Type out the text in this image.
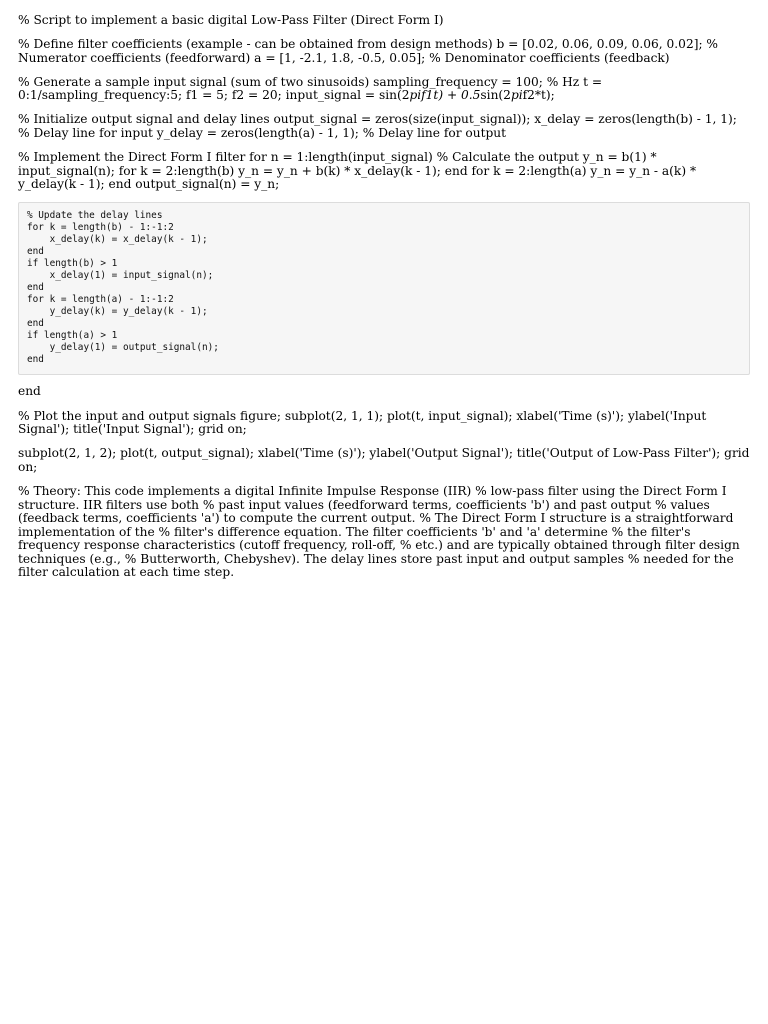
% Script to implement a basic digital Low-Pass Filter (Direct Form I)

% Define filter coefficients (example - can be obtained from design methods) b = [0.02, 0.06, 0.09, 0.06, 0.02]; % Numerator coefficients (feedforward) a = [1, -2.1, 1.8, -0.5, 0.05]; % Denominator coefficients (feedback)

% Generate a sample input signal (sum of two sinusoids) sampling_frequency = 100; % Hz t = 0:1/sampling_frequency:5; f1 = 5; f2 = 20; input_signal = sin(2pif1t) + 0.5sin(2pif2*t);

% Initialize output signal and delay lines output_signal = zeros(size(input_signal)); x_delay = zeros(length(b) - 1, 1); % Delay line for input y_delay = zeros(length(a) - 1, 1); % Delay line for output

% Implement the Direct Form I filter for n = 1:length(input_signal) % Calculate the output y_n = b(1) * input_signal(n); for k = 2:length(b) y_n = y_n + b(k) * x_delay(k - 1); end for k = 2:length(a) y_n = y_n - a(k) * y_delay(k - 1); end output_signal(n) = y_n;

% Update the delay lines
for k = length(b) - 1:-1:2
x_delay(k) = x_delay(k - 1);
end
if length(b) > 1
x_delay(1) = input_signal(n);
end
for k = length(a) - 1:-1:2
y_delay(k) = y_delay(k - 1);
end
if length(a) > 1
y_delay(1) = output_signal(n);
end

end

% Plot the input and output signals figure; subplot(2, 1, 1); plot(t, input_signal); xlabel('Time (s)'); ylabel('Input Signal'); title('Input Signal'); grid on;

subplot(2, 1, 2); plot(t, output_signal); xlabel('Time (s)'); ylabel('Output Signal'); title('Output of Low-Pass Filter'); grid on;

% Theory: This code implements a digital Infinite Impulse Response (IIR) % low-pass filter using the Direct Form I structure. IIR filters use both % past input values (feedforward terms, coefficients 'b') and past output % values (feedback terms, coefficients 'a') to compute the current output. % The Direct Form I structure is a straightforward implementation of the % filter's difference equation. The filter coefficients 'b' and 'a' determine % the filter's frequency response characteristics (cutoff frequency, roll-off, % etc.) and are typically obtained through filter design techniques (e.g., % Butterworth, Chebyshev). The delay lines store past input and output samples % needed for the filter calculation at each time step.
